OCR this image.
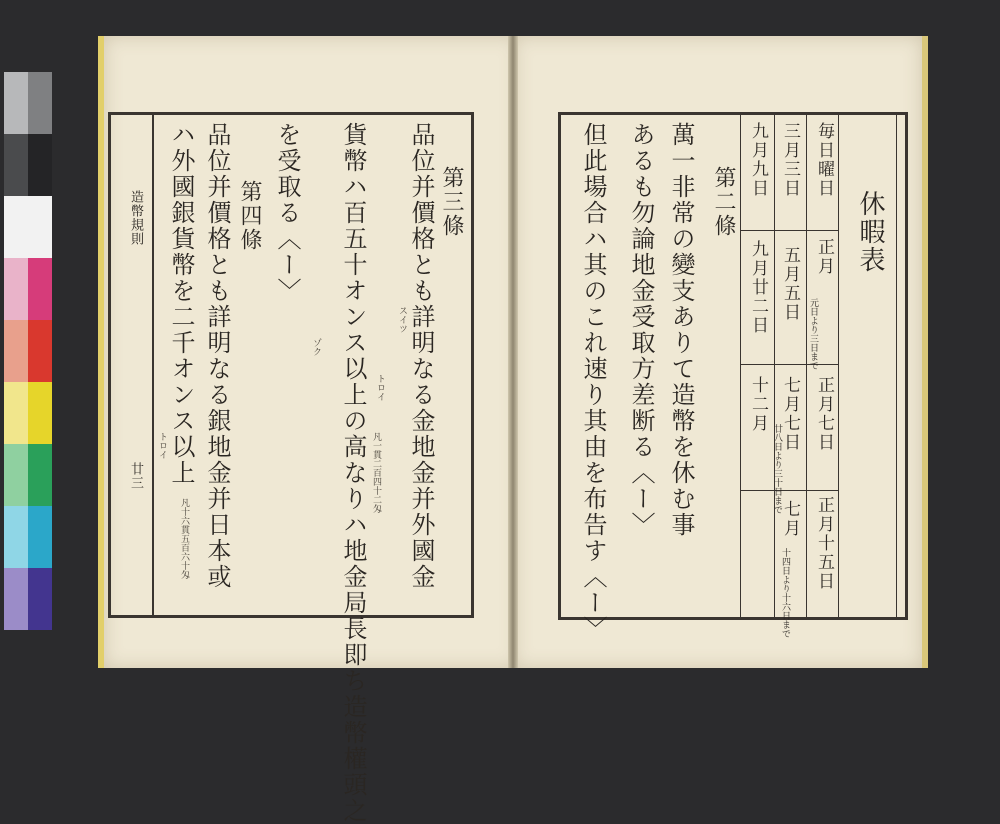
造幣規則
廿三
第三條
品位并價格とも詳明なる金地金并外國金
貨幣ハ百五十オンス以上の高なりハ地金局長即ち造幣權頭之
を受取る〈ー〉
スイツ
トロイ
凡一貫二百四十二匁
ゾク
第四條
品位并價格とも詳明なる銀地金并日本或
ハ外國銀貨幣を二千オンス以上
トロイ
凡十六貫五百六十匁
第二條
萬一非常の變支ありて造幣を休む事
あるも勿論地金受取方差断る〈ー〉
但此場合ハ其のこれ速り其由を布告す〈ー〉	休暇表
毎日曜日
正月
元日より三日まで
正月七日
正月十五日
三月三日
五月五日
七月七日
七月
十四日より十六日まで
九月九日
九月廿二日
十二月
廿八日より三十日まで
